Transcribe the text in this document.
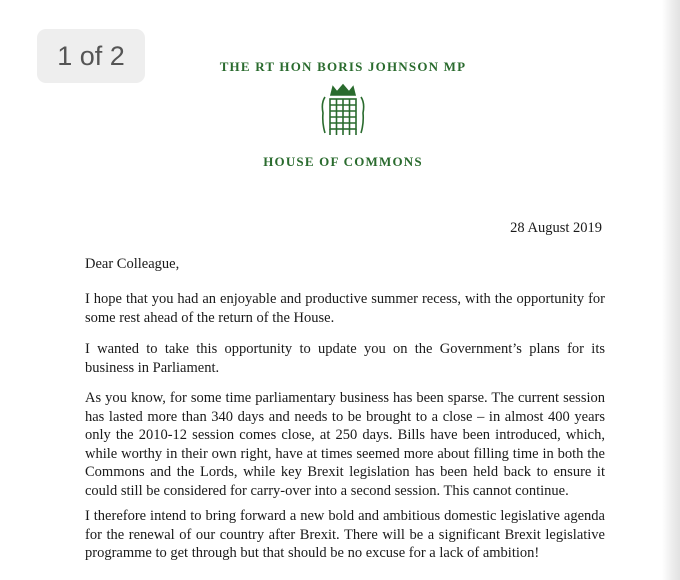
1 of 2	THE RT HON BORIS JOHNSON MP
HOUSE OF COMMONS
28 August 2019
Dear Colleague,

I hope that you had an enjoyable and productive summer recess, with the opportunity for some rest ahead of the return of the House.

I wanted to take this opportunity to update you on the Government’s plans for its business in Parliament.

As you know, for some time parliamentary business has been sparse. The current session has lasted more than 340 days and needs to be brought to a close – in almost 400 years only the 2010-12 session comes close, at 250 days. Bills have been introduced, which, while worthy in their own right, have at times seemed more about filling time in both the Commons and the Lords, while key Brexit legislation has been held back to ensure it could still be considered for carry-over into a second session. This cannot continue.

I therefore intend to bring forward a new bold and ambitious domestic legislative agenda for the renewal of our country after Brexit. There will be a significant Brexit legislative programme to get through but that should be no excuse for a lack of ambition!
